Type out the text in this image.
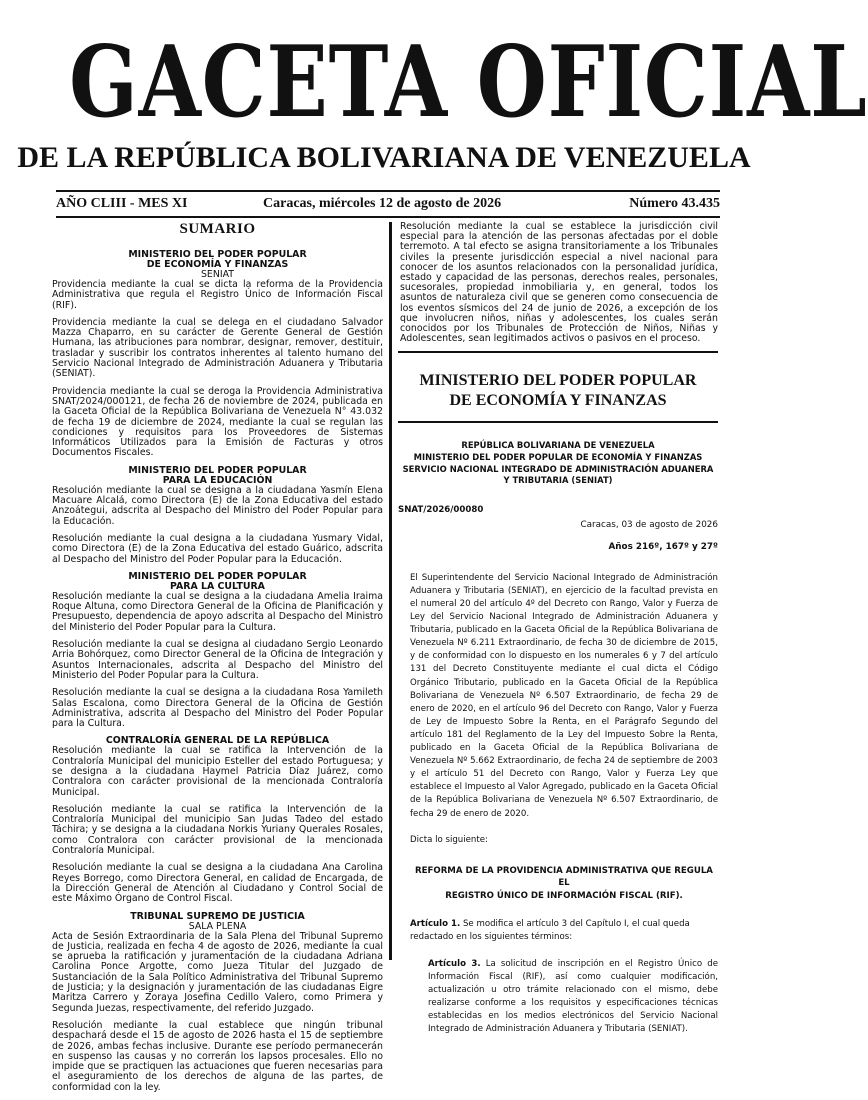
GACETA OFICIAL
DE LA REPÚBLICA BOLIVARIANA DE VENEZUELA
AÑO CLIII - MES XI	Caracas, miércoles 12 de agosto de 2026	Número 43.435
SUMARIO
MINISTERIO DEL PODER POPULAR
DE ECONOMÍA Y FINANZAS
SENIAT
Providencia mediante la cual se dicta la reforma de la Providencia Administrativa que regula el Registro Único de Información Fiscal (RIF).
Providencia mediante la cual se delega en el ciudadano Salvador Mazza Chaparro, en su carácter de Gerente General de Gestión Humana, las atribuciones para nombrar, designar, remover, destituir, trasladar y suscribir los contratos inherentes al talento humano del Servicio Nacional Integrado de Administración Aduanera y Tributaria (SENIAT).
Providencia mediante la cual se deroga la Providencia Administrativa SNAT/2024/000121, de fecha 26 de noviembre de 2024, publicada en la Gaceta Oficial de la República Bolivariana de Venezuela N° 43.032 de fecha 19 de diciembre de 2024, mediante la cual se regulan las condiciones y requisitos para los Proveedores de Sistemas Informáticos Utilizados para la Emisión de Facturas y otros Documentos Fiscales.
MINISTERIO DEL PODER POPULAR
PARA LA EDUCACIÓN
Resolución mediante la cual se designa a la ciudadana Yasmín Elena Macuare Alcalá, como Directora (E) de la Zona Educativa del estado Anzoátegui, adscrita al Despacho del Ministro del Poder Popular para la Educación.
Resolución mediante la cual designa a la ciudadana Yusmary Vidal, como Directora (E) de la Zona Educativa del estado Guárico, adscrita al Despacho del Ministro del Poder Popular para la Educación.
MINISTERIO DEL PODER POPULAR
PARA LA CULTURA
Resolución mediante la cual se designa a la ciudadana Amelia Iraima Roque Altuna, como Directora General de la Oficina de Planificación y Presupuesto, dependencia de apoyo adscrita al Despacho del Ministro del Ministerio del Poder Popular para la Cultura.
Resolución mediante la cual se designa al ciudadano Sergio Leonardo Arria Bohórquez, como Director General de la Oficina de Integración y Asuntos Internacionales, adscrita al Despacho del Ministro del Ministerio del Poder Popular para la Cultura.
Resolución mediante la cual se designa a la ciudadana Rosa Yamileth Salas Escalona, como Directora General de la Oficina de Gestión Administrativa, adscrita al Despacho del Ministro del Poder Popular para la Cultura.
CONTRALORÍA GENERAL DE LA REPÚBLICA
Resolución mediante la cual se ratifica la Intervención de la Contraloría Municipal del municipio Esteller del estado Portuguesa; y se designa a la ciudadana Haymel Patricia Díaz Juárez, como Contralora con carácter provisional de la mencionada Contraloría Municipal.
Resolución mediante la cual se ratifica la Intervención de la Contraloría Municipal del municipio San Judas Tadeo del estado Táchira; y se designa a la ciudadana Norkis Yuriany Querales Rosales, como Contralora con carácter provisional de la mencionada Contraloría Municipal.
Resolución mediante la cual se designa a la ciudadana Ana Carolina Reyes Borrego, como Directora General, en calidad de Encargada, de la Dirección General de Atención al Ciudadano y Control Social de este Máximo Órgano de Control Fiscal.
TRIBUNAL SUPREMO DE JUSTICIA
SALA PLENA
Acta de Sesión Extraordinaria de la Sala Plena del Tribunal Supremo de Justicia, realizada en fecha 4 de agosto de 2026, mediante la cual se aprueba la ratificación y juramentación de la ciudadana Adriana Carolina Ponce Argotte, como Jueza Titular del Juzgado de Sustanciación de la Sala Político Administrativa del Tribunal Supremo de Justicia; y la designación y juramentación de las ciudadanas Eigre Maritza Carrero y Zoraya Josefina Cedillo Valero, como Primera y Segunda Juezas, respectivamente, del referido Juzgado.
Resolución mediante la cual establece que ningún tribunal despachará desde el 15 de agosto de 2026 hasta el 15 de septiembre de 2026, ambas fechas inclusive. Durante ese período permanecerán en suspenso las causas y no correrán los lapsos procesales. Ello no impide que se practiquen las actuaciones que fueren necesarias para el aseguramiento de los derechos de alguna de las partes, de conformidad con la ley.
Resolución mediante la cual se establece la jurisdicción civil especial para la atención de las personas afectadas por el doble terremoto. A tal efecto se asigna transitoriamente a los Tribunales civiles la presente jurisdicción especial a nivel nacional para conocer de los asuntos relacionados con la personalidad jurídica, estado y capacidad de las personas, derechos reales, personales, sucesorales, propiedad inmobiliaria y, en general, todos los asuntos de naturaleza civil que se generen como consecuencia de los eventos sísmicos del 24 de junio de 2026, a excepción de los que involucren niños, niñas y adolescentes, los cuales serán conocidos por los Tribunales de Protección de Niños, Niñas y Adolescentes, sean legitimados activos o pasivos en el proceso.
MINISTERIO DEL PODER POPULAR
DE ECONOMÍA Y FINANZAS
REPÚBLICA BOLIVARIANA DE VENEZUELA
MINISTERIO DEL PODER POPULAR DE ECONOMÍA Y FINANZAS
SERVICIO NACIONAL INTEGRADO DE ADMINISTRACIÓN ADUANERA
Y TRIBUTARIA (SENIAT)
SNAT/2026/00080
Caracas, 03 de agosto de 2026
Años 216º, 167º y 27º
El Superintendente del Servicio Nacional Integrado de Administración Aduanera y Tributaria (SENIAT), en ejercicio de la facultad prevista en el numeral 20 del artículo 4º del Decreto con Rango, Valor y Fuerza de Ley del Servicio Nacional Integrado de Administración Aduanera y Tributaria, publicado en la Gaceta Oficial de la República Bolivariana de Venezuela Nº 6.211 Extraordinario, de fecha 30 de diciembre de 2015, y de conformidad con lo dispuesto en los numerales 6 y 7 del artículo 131 del Decreto Constituyente mediante el cual dicta el Código Orgánico Tributario, publicado en la Gaceta Oficial de la República Bolivariana de Venezuela Nº 6.507 Extraordinario, de fecha 29 de enero de 2020, en el artículo 96 del Decreto con Rango, Valor y Fuerza de Ley de Impuesto Sobre la Renta, en el Parágrafo Segundo del artículo 181 del Reglamento de la Ley del Impuesto Sobre la Renta, publicado en la Gaceta Oficial de la República Bolivariana de Venezuela Nº 5.662 Extraordinario, de fecha 24 de septiembre de 2003 y el artículo 51 del Decreto con Rango, Valor y Fuerza Ley que establece el Impuesto al Valor Agregado, publicado en la Gaceta Oficial de la República Bolivariana de Venezuela Nº 6.507 Extraordinario, de fecha 29 de enero de 2020.
Dicta lo siguiente:
REFORMA DE LA PROVIDENCIA ADMINISTRATIVA QUE REGULA EL
REGISTRO ÚNICO DE INFORMACIÓN FISCAL (RIF).
Artículo 1. Se modifica el artículo 3 del Capítulo I, el cual queda redactado en los siguientes términos:
Artículo 3. La solicitud de inscripción en el Registro Único de Información Fiscal (RIF), así como cualquier modificación, actualización u otro trámite relacionado con el mismo, debe realizarse conforme a los requisitos y especificaciones técnicas establecidas en los medios electrónicos del Servicio Nacional Integrado de Administración Aduanera y Tributaria (SENIAT).
